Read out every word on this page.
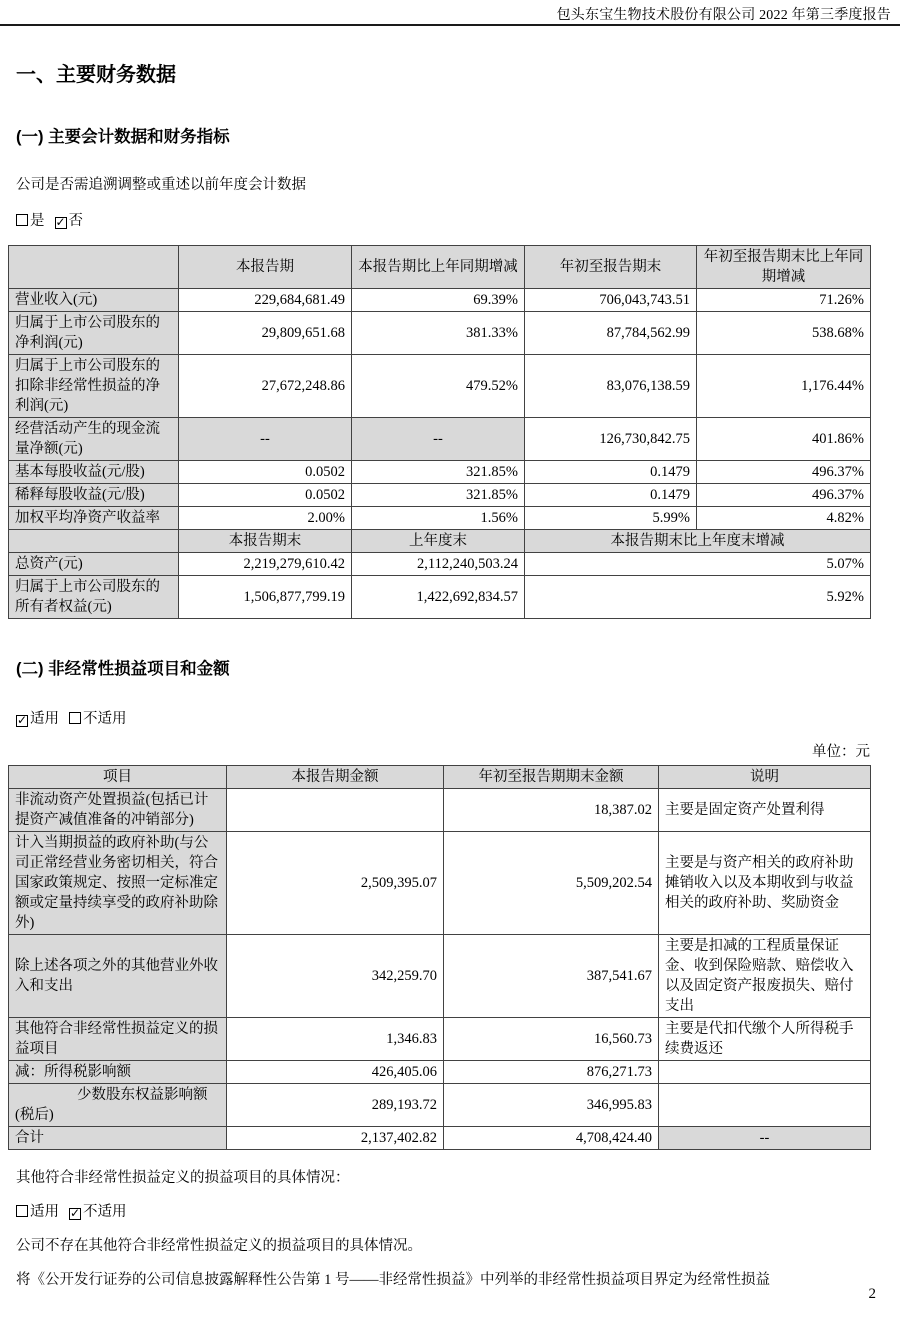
包头东宝生物技术股份有限公司 2022 年第三季度报告
一、主要财务数据
(一) 主要会计数据和财务指标
公司是否需追溯调整或重述以前年度会计数据
是 ✓ 否
	本报告期	本报告期比上年同期增减	年初至报告期末	年初至报告期末比上年同期增减
营业收入(元)	229,684,681.49	69.39%	706,043,743.51	71.26%
归属于上市公司股东的净利润(元)	29,809,651.68	381.33%	87,784,562.99	538.68%
归属于上市公司股东的扣除非经常性损益的净利润(元)	27,672,248.86	479.52%	83,076,138.59	1,176.44%
经营活动产生的现金流量净额(元)	--	--	126,730,842.75	401.86%
基本每股收益(元/股)	0.0502	321.85%	0.1479	496.37%
稀释每股收益(元/股)	0.0502	321.85%	0.1479	496.37%
加权平均净资产收益率	2.00%	1.56%	5.99%	4.82%
	本报告期末	上年度末	本报告期末比上年度末增减	
总资产(元)	2,219,279,610.42	2,112,240,503.24	5.07%	
归属于上市公司股东的所有者权益(元)	1,506,877,799.19	1,422,692,834.57	5.92%	
(二) 非经常性损益项目和金额
✓ 适用 不适用
单位：元
项目	本报告期金额	年初至报告期期末金额	说明
非流动资产处置损益(包括已计提资产减值准备的冲销部分)		18,387.02	主要是固定资产处置利得
计入当期损益的政府补助(与公司正常经营业务密切相关，符合国家政策规定、按照一定标准定额或定量持续享受的政府补助除外)	2,509,395.07	5,509,202.54	主要是与资产相关的政府补助摊销收入以及本期收到与收益相关的政府补助、奖励资金
除上述各项之外的其他营业外收入和支出	342,259.70	387,541.67	主要是扣减的工程质量保证金、收到保险赔款、赔偿收入以及固定资产报废损失、赔付支出
其他符合非经常性损益定义的损益项目	1,346.83	16,560.73	主要是代扣代缴个人所得税手续费返还
减：所得税影响额	426,405.06	876,271.73	
少数股东权益影响额(税后)	289,193.72	346,995.83	
合计	2,137,402.82	4,708,424.40	--
其他符合非经常性损益定义的损益项目的具体情况：
适用 ✓ 不适用
公司不存在其他符合非经常性损益定义的损益项目的具体情况。
将《公开发行证券的公司信息披露解释性公告第 1 号——非经常性损益》中列举的非经常性损益项目界定为经常性损益
2
